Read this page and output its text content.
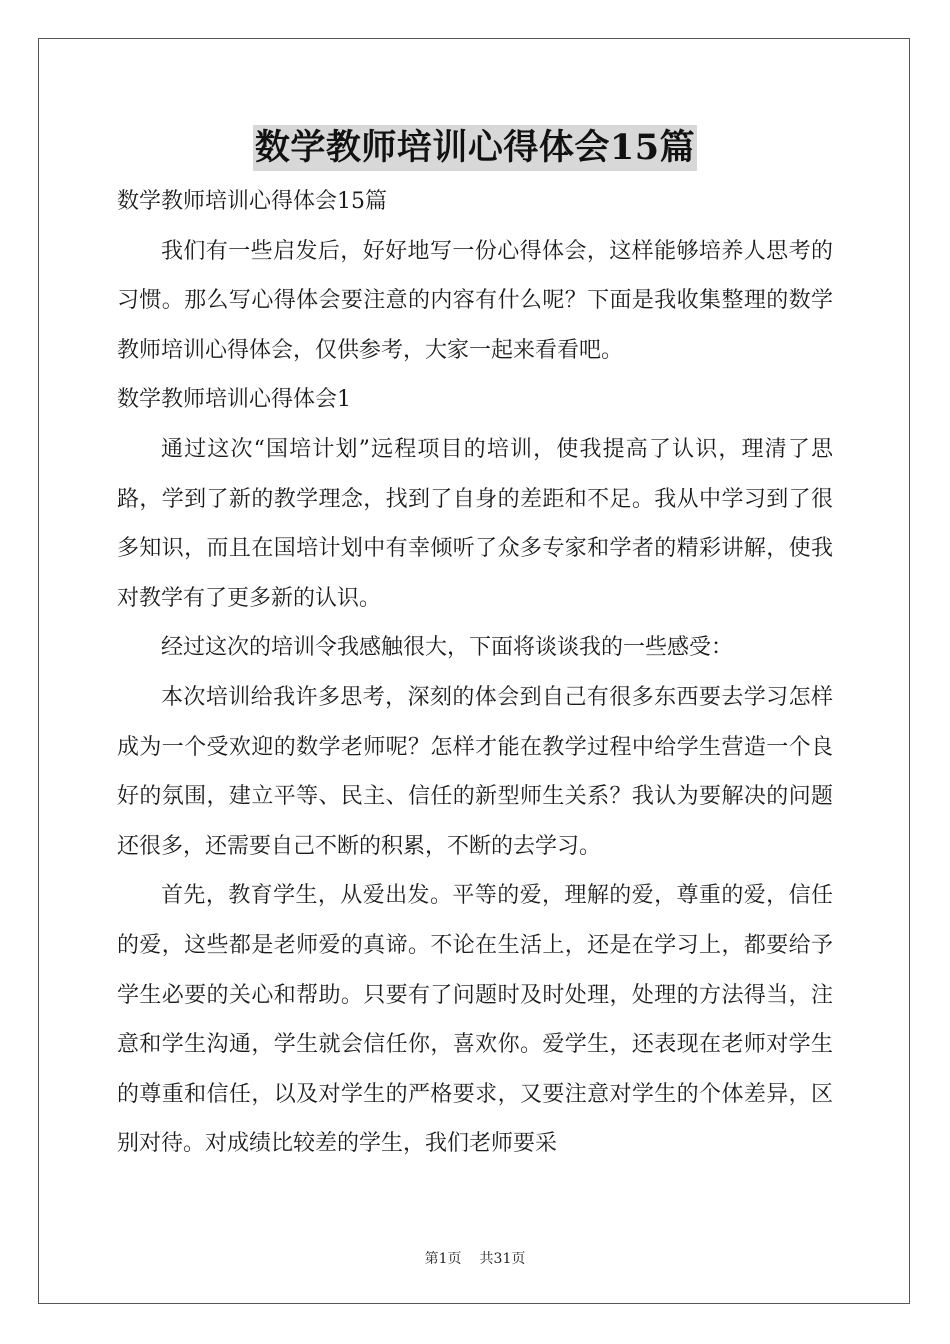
数学教师培训心得体会15篇

数学教师培训心得体会15篇

我们有一些启发后，好好地写一份心得体会，这样能够培养人思考的习惯。那么写心得体会要注意的内容有什么呢？下面是我收集整理的数学教师培训心得体会，仅供参考，大家一起来看看吧。

数学教师培训心得体会1

通过这次“国培计划”远程项目的培训，使我提高了认识，理清了思路，学到了新的教学理念，找到了自身的差距和不足。我从中学习到了很多知识，而且在国培计划中有幸倾听了众多专家和学者的精彩讲解，使我对教学有了更多新的认识。

经过这次的培训令我感触很大，下面将谈谈我的一些感受：

本次培训给我许多思考，深刻的体会到自己有很多东西要去学习怎样成为一个受欢迎的数学老师呢？怎样才能在教学过程中给学生营造一个良好的氛围，建立平等、民主、信任的新型师生关系？我认为要解决的问题还很多，还需要自己不断的积累，不断的去学习。

首先，教育学生，从爱出发。平等的爱，理解的爱，尊重的爱，信任的爱，这些都是老师爱的真谛。不论在生活上，还是在学习上，都要给予学生必要的关心和帮助。只要有了问题时及时处理，处理的方法得当，注意和学生沟通，学生就会信任你，喜欢你。爱学生，还表现在老师对学生的尊重和信任，以及对学生的严格要求，又要注意对学生的个体差异，区别对待。对成绩比较差的学生，我们老师要采

第1页 共31页
